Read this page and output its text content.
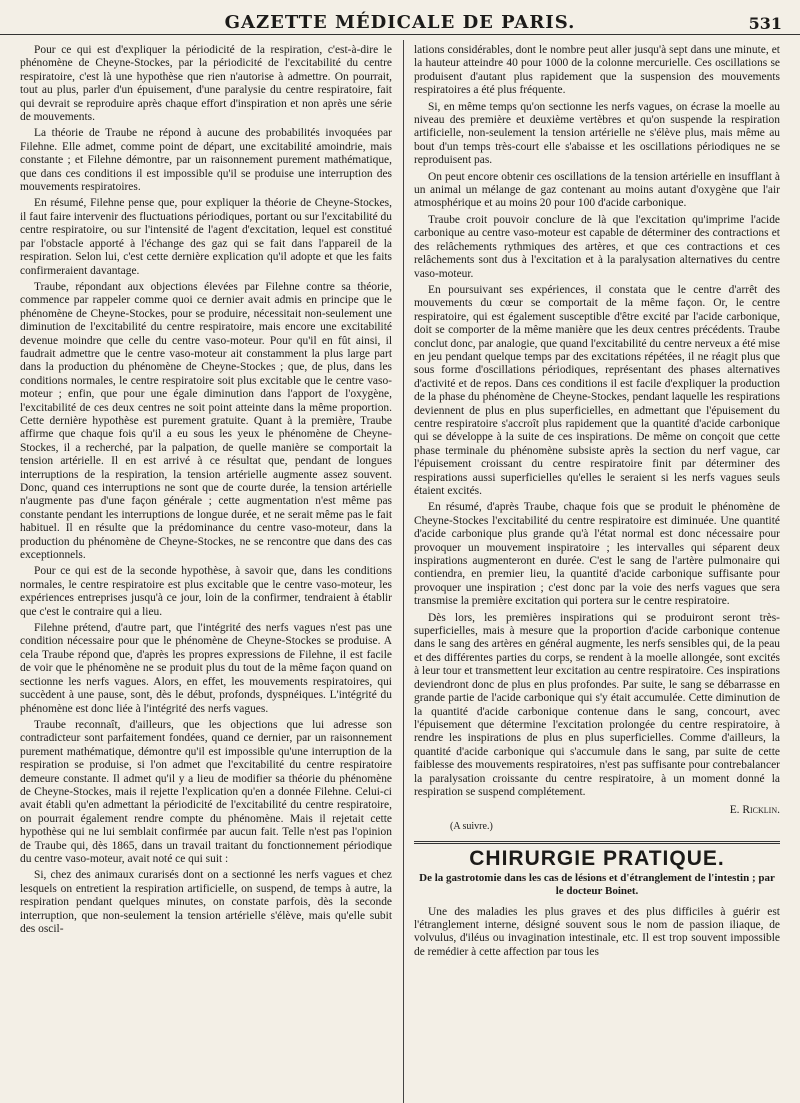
GAZETTE MÉDICALE DE PARIS.	531

Pour ce qui est d'expliquer la périodicité de la respiration, c'est-à-dire le phénomène de Cheyne-Stockes, par la périodicité de l'excitabilité du centre respiratoire, c'est là une hypothèse que rien n'autorise à admettre. On pourrait, tout au plus, parler d'un épuisement, d'une paralysie du centre respiratoire, fait qui devrait se reproduire après chaque effort d'inspiration et non après une série de mouvements.

La théorie de Traube ne répond à aucune des probabilités invoquées par Filehne. Elle admet, comme point de départ, une excitabilité amoindrie, mais constante ; et Filehne démontre, par un raisonnement purement mathématique, que dans ces conditions il est impossible qu'il se produise une interruption des mouvements respiratoires.

En résumé, Filehne pense que, pour expliquer la théorie de Cheyne-Stockes, il faut faire intervenir des fluctuations périodiques, portant ou sur l'excitabilité du centre respiratoire, ou sur l'intensité de l'agent d'excitation, lequel est constitué par l'obstacle apporté à l'échange des gaz qui se fait dans l'appareil de la respiration. Selon lui, c'est cette dernière explication qu'il adopte et que les faits confirmeraient davantage.

Traube, répondant aux objections élevées par Filehne contre sa théorie, commence par rappeler comme quoi ce dernier avait admis en principe que le phénomène de Cheyne-Stockes, pour se produire, nécessitait non-seulement une diminution de l'excitabilité du centre respiratoire, mais encore une excitabilité devenue moindre que celle du centre vaso-moteur. Pour qu'il en fût ainsi, il faudrait admettre que le centre vaso-moteur ait constamment la plus large part dans la production du phénomène de Cheyne-Stockes ; que, de plus, dans les conditions normales, le centre respiratoire soit plus excitable que le centre vaso-moteur ; enfin, que pour une égale diminution dans l'apport de l'oxygène, l'excitabilité de ces deux centres ne soit point atteinte dans la même proportion. Cette dernière hypothèse est purement gratuite. Quant à la première, Traube affirme que chaque fois qu'il a eu sous les yeux le phénomène de Cheyne-Stockes, il a recherché, par la palpation, de quelle manière se comportait la tension artérielle. Il en est arrivé à ce résultat que, pendant de longues interruptions de la respiration, la tension artérielle augmente assez souvent. Donc, quand ces interruptions ne sont que de courte durée, la tension artérielle n'augmente pas d'une façon générale ; cette augmentation n'est même pas constante pendant les interruptions de longue durée, et ne serait même pas le fait habituel. Il en résulte que la prédominance du centre vaso-moteur, dans la production du phénomène de Cheyne-Stockes, ne se rencontre que dans des cas exceptionnels.

Pour ce qui est de la seconde hypothèse, à savoir que, dans les conditions normales, le centre respiratoire est plus excitable que le centre vaso-moteur, les expériences entreprises jusqu'à ce jour, loin de la confirmer, tendraient à établir que c'est le contraire qui a lieu.

Filehne prétend, d'autre part, que l'intégrité des nerfs vagues n'est pas une condition nécessaire pour que le phénomène de Cheyne-Stockes se produise. A cela Traube répond que, d'après les propres expressions de Filehne, il est facile de voir que le phénomène ne se produit plus du tout de la même façon quand on sectionne les nerfs vagues. Alors, en effet, les mouvements respiratoires, qui succèdent à une pause, sont, dès le début, profonds, dyspnéiques. L'intégrité du phénomène est donc liée à l'intégrité des nerfs vagues.

Traube reconnaît, d'ailleurs, que les objections que lui adresse son contradicteur sont parfaitement fondées, quand ce dernier, par un raisonnement purement mathématique, démontre qu'il est impossible qu'une interruption de la respiration se produise, si l'on admet que l'excitabilité du centre respiratoire demeure constante. Il admet qu'il y a lieu de modifier sa théorie du phénomène de Cheyne-Stockes, mais il rejette l'explication qu'en a donnée Filehne. Celui-ci avait établi qu'en admettant la périodicité de l'excitabilité du centre respiratoire, on pourrait également rendre compte du phénomène. Mais il rejetait cette hypothèse qui ne lui semblait confirmée par aucun fait. Telle n'est pas l'opinion de Traube qui, dès 1865, dans un travail traitant du fonctionnement périodique du centre vaso-moteur, avait noté ce qui suit :

Si, chez des animaux curarisés dont on a sectionné les nerfs vagues et chez lesquels on entretient la respiration artificielle, on suspend, de temps à autre, la respiration pendant quelques minutes, on constate parfois, dès la seconde interruption, que non-seulement la tension artérielle s'élève, mais qu'elle subit des oscil-

lations considérables, dont le nombre peut aller jusqu'à sept dans une minute, et la hauteur atteindre 40 pour 1000 de la colonne mercurielle. Ces oscillations se produisent d'autant plus rapidement que la suspension des mouvements respiratoires a été plus fréquente.

Si, en même temps qu'on sectionne les nerfs vagues, on écrase la moelle au niveau des première et deuxième vertèbres et qu'on suspende la respiration artificielle, non-seulement la tension artérielle ne s'élève plus, mais même au bout d'un temps très-court elle s'abaisse et les oscillations périodiques ne se reproduisent pas.

On peut encore obtenir ces oscillations de la tension artérielle en insufflant à un animal un mélange de gaz contenant au moins autant d'oxygène que l'air atmosphérique et au moins 20 pour 100 d'acide carbonique.

Traube croit pouvoir conclure de là que l'excitation qu'imprime l'acide carbonique au centre vaso-moteur est capable de déterminer des contractions et des relâchements rythmiques des artères, et que ces contractions et ces relâchements sont dus à l'excitation et à la paralysation alternatives du centre vaso-moteur.

En poursuivant ses expériences, il constata que le centre d'arrêt des mouvements du cœur se comportait de la même façon. Or, le centre respiratoire, qui est également susceptible d'être excité par l'acide carbonique, doit se comporter de la même manière que les deux centres précédents. Traube conclut donc, par analogie, que quand l'excitabilité du centre nerveux a été mise en jeu pendant quelque temps par des excitations répétées, il ne réagit plus que sous forme d'oscillations périodiques, représentant des phases alternatives d'activité et de repos. Dans ces conditions il est facile d'expliquer la production de la phase du phénomène de Cheyne-Stockes, pendant laquelle les respirations deviennent de plus en plus superficielles, en admettant que l'épuisement du centre respiratoire s'accroît plus rapidement que la quantité d'acide carbonique qui se développe à la suite de ces inspirations. De même on conçoit que cette phase terminale du phénomène subsiste après la section du nerf vague, car l'épuisement croissant du centre respiratoire finit par déterminer des respirations aussi superficielles qu'elles le seraient si les nerfs vagues seuls étaient excités.

En résumé, d'après Traube, chaque fois que se produit le phénomène de Cheyne-Stockes l'excitabilité du centre respiratoire est diminuée. Une quantité d'acide carbonique plus grande qu'à l'état normal est donc nécessaire pour provoquer un mouvement inspiratoire ; les intervalles qui séparent deux inspirations augmenteront en durée. C'est le sang de l'artère pulmonaire qui contiendra, en premier lieu, la quantité d'acide carbonique suffisante pour provoquer une inspiration ; c'est donc par la voie des nerfs vagues que sera transmise la première excitation qui portera sur le centre respiratoire.

Dès lors, les premières inspirations qui se produiront seront très-superficielles, mais à mesure que la proportion d'acide carbonique contenue dans le sang des artères en général augmente, les nerfs sensibles qui, de la peau et des différentes parties du corps, se rendent à la moelle allongée, sont excités à leur tour et transmettent leur excitation au centre respiratoire. Ces inspirations deviendront donc de plus en plus profondes. Par suite, le sang se débarrasse en grande partie de l'acide carbonique qui s'y était accumulée. Cette diminution de la quantité d'acide carbonique contenue dans le sang, concourt, avec l'épuisement que détermine l'excitation prolongée du centre respiratoire, à rendre les inspirations de plus en plus superficielles. Comme d'ailleurs, la quantité d'acide carbonique qui s'accumule dans le sang, par suite de cette faiblesse des mouvements respiratoires, n'est pas suffisante pour contrebalancer la paralysation croissante du centre respiratoire, à un moment donné la respiration se suspend complétement.

E. Ricklin.
(A suivre.)
CHIRURGIE PRATIQUE.
De la gastrotomie dans les cas de lésions et d'étranglement de l'intestin ; par le docteur Boinet.

Une des maladies les plus graves et des plus difficiles à guérir est l'étranglement interne, désigné souvent sous le nom de passion iliaque, de volvulus, d'iléus ou invagination intestinale, etc. Il est trop souvent impossible de remédier à cette affection par tous les
